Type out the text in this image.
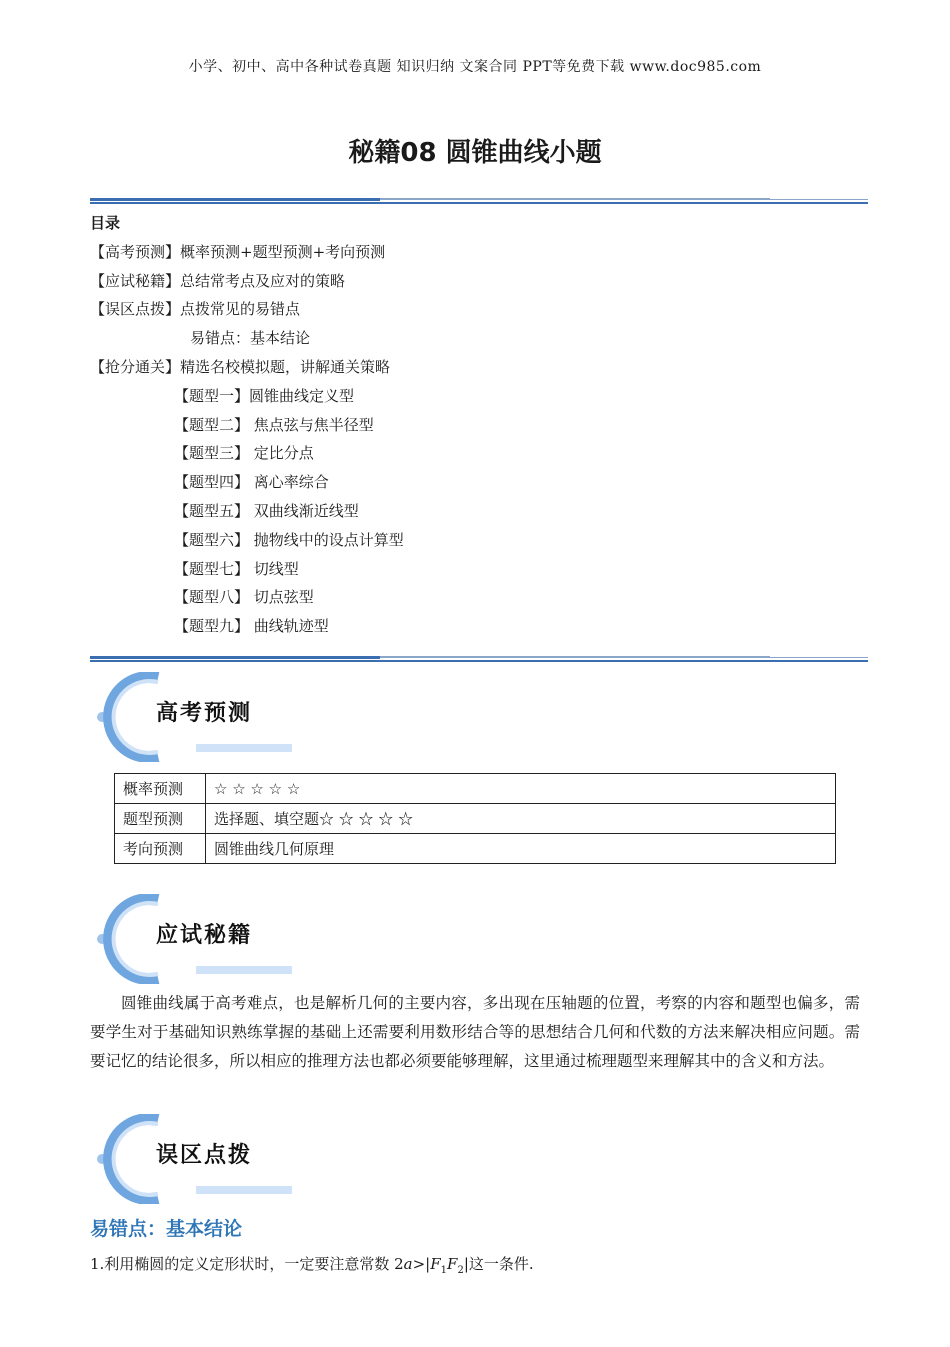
小学、初中、高中各种试卷真题 知识归纳 文案合同 PPT等免费下载 www.doc985.com
秘籍08 圆锥曲线小题
目录
【高考预测】概率预测+题型预测+考向预测
【应试秘籍】总结常考点及应对的策略
【误区点拨】点拨常见的易错点
易错点：基本结论
【抢分通关】精选名校模拟题，讲解通关策略
【题型一】圆锥曲线定义型
【题型二】 焦点弦与焦半径型
【题型三】 定比分点
【题型四】 离心率综合
【题型五】 双曲线渐近线型
【题型六】 抛物线中的设点计算型
【题型七】 切线型
【题型八】 切点弦型
【题型九】 曲线轨迹型
高考预测
概率预测	☆ ☆ ☆ ☆ ☆
题型预测	选择题、填空题☆ ☆ ☆ ☆ ☆
考向预测	圆锥曲线几何原理
应试秘籍
圆锥曲线属于高考难点，也是解析几何的主要内容，多出现在压轴题的位置，考察的内容和题型也偏多，需要学生对于基础知识熟练掌握的基础上还需要利用数形结合等的思想结合几何和代数的方法来解决相应问题。需要记忆的结论很多，所以相应的推理方法也都必须要能够理解，这里通过梳理题型来理解其中的含义和方法。
误区点拨
易错点：基本结论
1.利用椭圆的定义定形状时，一定要注意常数 $2a>|F_1F_2|$这一条件.
